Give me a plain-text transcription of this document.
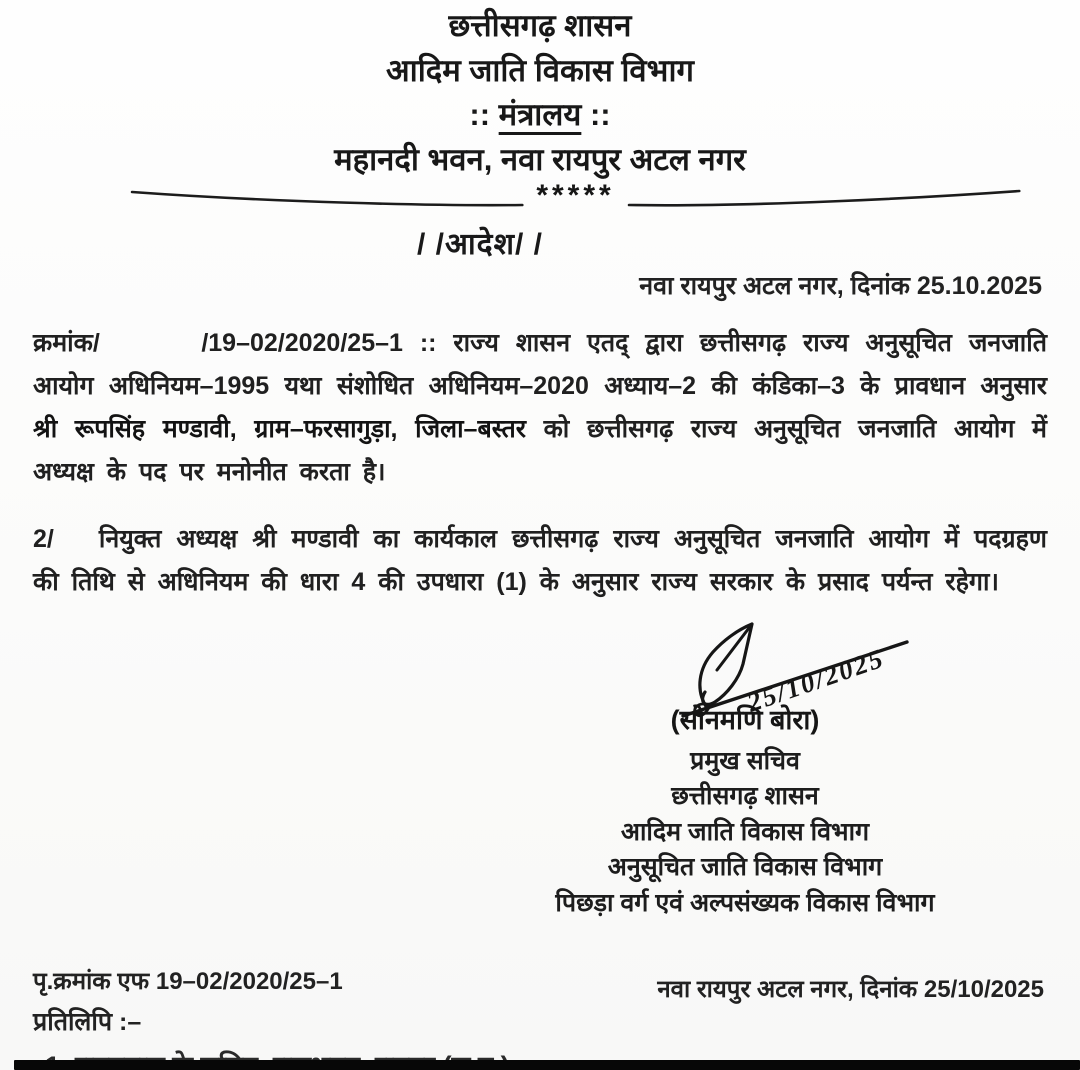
छत्तीसगढ़ शासन
आदिम जाति विकास विभाग
:: मंत्रालय ::
महानदी भवन, नवा रायपुर अटल नगर
*****
/ /आदेश/ /
नवा रायपुर अटल नगर, दिनांक 25.10.2025

क्रमांक/      /19–02/2020/25–1 :: राज्य शासन एतद् द्वारा छत्तीसगढ़ राज्य अनुसूचित जनजाति आयोग अधिनियम–1995 यथा संशोधित अधिनियम–2020 अध्याय–2 की कंडिका–3 के प्रावधान अनुसार श्री रूपसिंह मण्डावी, ग्राम–फरसागुड़ा, जिला–बस्तर को छत्तीसगढ़ राज्य अनुसूचित जनजाति आयोग में अध्यक्ष के पद पर मनोनीत करता है।

2/   नियुक्त अध्यक्ष श्री मण्डावी का कार्यकाल छत्तीसगढ़ राज्य अनुसूचित जनजाति आयोग में पदग्रहण की तिथि से अधिनियम की धारा 4 की उपधारा (1) के अनुसार राज्य सरकार के प्रसाद पर्यन्त रहेगा।

25/10/2025
(सोनमणि बोरा)
प्रमुख सचिव
छत्तीसगढ़ शासन
आदिम जाति विकास विभाग
अनुसूचित जाति विकास विभाग
पिछड़ा वर्ग एवं अल्पसंख्यक विकास विभाग
पृ.क्रमांक एफ 19–02/2020/25–1	नवा रायपुर अटल नगर, दिनांक 25/10/2025
प्रतिलिपि :–
